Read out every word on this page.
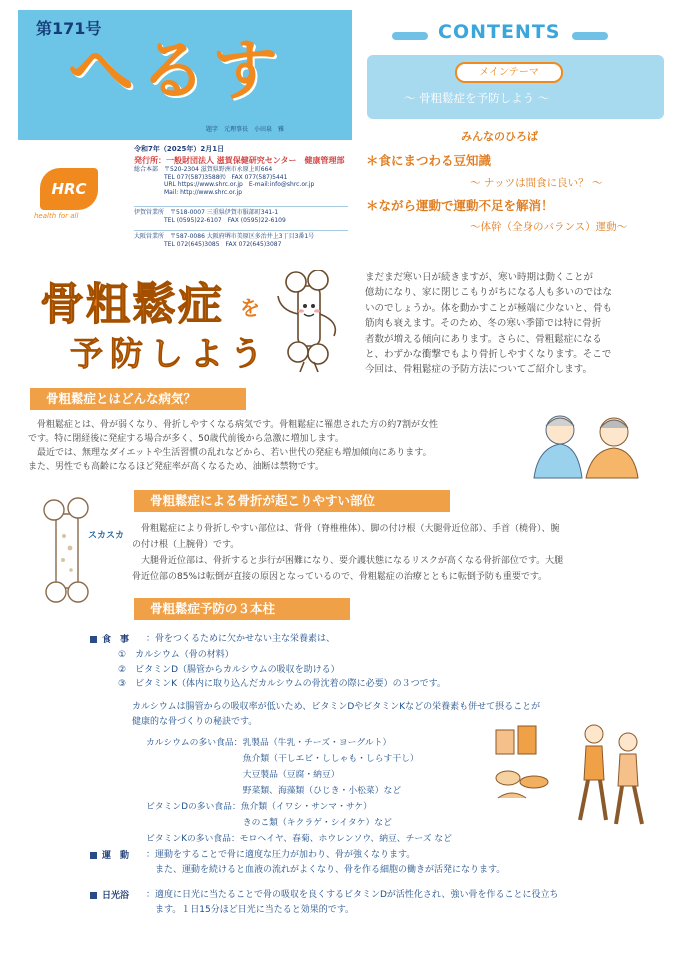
第171号
へるす
題字　元理事長　小田泉　雅
HRC
health for all
令和7年（2025年）2月1日
発行所：一般財団法人 滋賀保健研究センター　健康管理部
総合本部　〒520-2304 滋賀県野洲市永原上町664
　　　　　TEL 077(587)3588㈹　FAX 077(587)5441
　　　　　URL https://www.shrc.or.jp　E-mail:info@shrc.or.jp
　　　　　Mail: http://www.shrc.or.jp
伊賀営業所　〒518-0007 三重県伊賀市服部町341-1
　　　　　TEL (0595)22-6107　FAX (0595)22-6109
大阪営業所　〒587-0086 大阪府堺市美原区多治井上3丁目3番1号
　　　　　TEL 072(645)3085　FAX 072(645)3087
CONTENTS
メインテーマ
～ 骨粗鬆症を予防しよう ～
みんなのひろば
＊食にまつわる豆知識
～ ナッツは間食に良い？ ～
＊ながら運動で運動不足を解消！
～体幹（全身のバランス）運動～
骨粗鬆症 を
予防しよう
まだまだ寒い日が続きますが、寒い時期は動くことが
億劫になり、家に閉じこもりがちになる人も多いのではな
いのでしょうか。体を動かすことが極端に少ないと、骨も
筋肉も衰えます。そのため、冬の寒い季節では特に骨折
者数が増える傾向にあります。さらに、骨粗鬆症になる
と、わずかな衝撃でもより骨折しやすくなります。そこで
今回は、骨粗鬆症の予防方法についてご紹介します。
骨粗鬆症とはどんな病気？
　骨粗鬆症とは、骨が弱くなり、骨折しやすくなる病気です。骨粗鬆症に罹患された方の約7割が女性
です。特に閉経後に発症する場合が多く、50歳代前後から急激に増加します。
　最近では、無理なダイエットや生活習慣の乱れなどから、若い世代の発症も増加傾向にあります。
また、男性でも高齢になるほど発症率が高くなるため、油断は禁物です。
骨粗鬆症による骨折が起こりやすい部位
スカスカ
　骨粗鬆症により骨折しやすい部位は、背骨（脊椎椎体）、脚の付け根（大腿骨近位部）、手首（橈骨）、腕
の付け根（上腕骨）です。
　大腿骨近位部は、骨折すると歩行が困難になり、要介護状態になるリスクが高くなる骨折部位です。大腿
骨近位部の85%は転倒が直接の原因となっているので、骨粗鬆症の治療とともに転倒予防も重要です。
骨粗鬆症予防の３本柱
食　事 ：骨をつくるために欠かせない主な栄養素は、
①　カルシウム（骨の材料）
②　ビタミンD（腸管からカルシウムの吸収を助ける）
③　ビタミンK（体内に取り込んだカルシウムの骨沈着の際に必要）の３つです。
カルシウムは腸管からの吸収率が低いため、ビタミンDやビタミンKなどの栄養素も併せて摂ることが
健康的な骨づくりの秘訣です。
カルシウムの多い食品：乳製品（牛乳・チーズ・ヨーグルト）
　　　　　　　　　　　魚介類（干しエビ・ししゃも・しらす干し）
　　　　　　　　　　　大豆製品（豆腐・納豆）
　　　　　　　　　　　野菜類、海藻類（ひじき・小松菜）など
ビタミンDの多い食品：魚介類（イワシ・サンマ・サケ）
　　　　　　　　　　　きのこ類（キクラゲ・シイタケ）など
ビタミンKの多い食品：モロヘイヤ、春菊、ホウレンソウ、納豆、チーズ など
運　動 ：運動をすることで骨に適度な圧力が加わり、骨が強くなります。
　また、運動を続けると血液の流れがよくなり、骨を作る細胞の働きが活発になります。
日光浴 ：適度に日光に当たることで骨の吸収を良くするビタミンDが活性化され、強い骨を作ることに役立ち
　ます。１日15分ほど日光に当たると効果的です。
